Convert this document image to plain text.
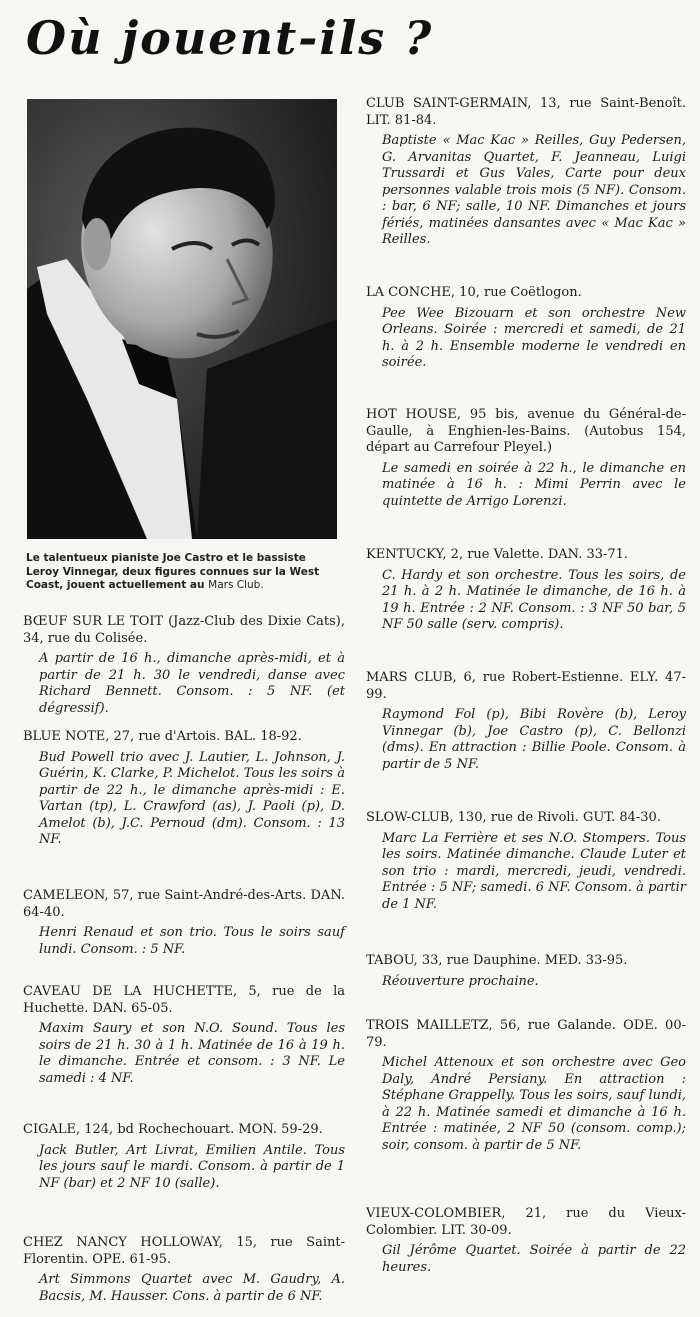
Où jouent-ils ?

Le talentueux pianiste Joe Castro et le bassiste Leroy Vinnegar, deux figures connues sur la West Coast, jouent actuellement au Mars Club.

BŒUF SUR LE TOIT (Jazz-Club des Dixie Cats), 34, rue du Colisée.

A partir de 16 h., dimanche après-midi, et à partir de 21 h. 30 le vendredi, danse avec Richard Bennett. Consom. : 5 NF. (et dégressif).

BLUE NOTE, 27, rue d'Artois. BAL. 18-92.

Bud Powell trio avec J. Lautier, L. Johnson, J. Guérin, K. Clarke, P. Michelot. Tous les soirs à partir de 22 h., le dimanche après-midi : E. Vartan (tp), L. Crawford (as), J. Paoli (p), D. Amelot (b), J.C. Pernoud (dm). Consom. : 13 NF.

CAMELEON, 57, rue Saint-André-des-Arts. DAN. 64-40.

Henri Renaud et son trio. Tous le soirs sauf lundi. Consom. : 5 NF.

CAVEAU DE LA HUCHETTE, 5, rue de la Huchette. DAN. 65-05.

Maxim Saury et son N.O. Sound. Tous les soirs de 21 h. 30 à 1 h. Matinée de 16 à 19 h. le dimanche. Entrée et consom. : 3 NF. Le samedi : 4 NF.

CIGALE, 124, bd Rochechouart. MON. 59-29.

Jack Butler, Art Livrat, Emilien Antile. Tous les jours sauf le mardi. Consom. à partir de 1 NF (bar) et 2 NF 10 (salle).

CHEZ NANCY HOLLOWAY, 15, rue Saint-Florentin. OPE. 61-95.

Art Simmons Quartet avec M. Gaudry, A. Bacsis, M. Hausser. Cons. à partir de 6 NF.

CLUB SAINT-GERMAIN, 13, rue Saint-Benoît. LIT. 81-84.

Baptiste « Mac Kac » Reilles, Guy Pedersen, G. Arvanitas Quartet, F. Jeanneau, Luigi Trussardi et Gus Vales, Carte pour deux personnes valable trois mois (5 NF). Consom. : bar, 6 NF; salle, 10 NF. Dimanches et jours fériés, matinées dansantes avec « Mac Kac » Reilles.

LA CONCHE, 10, rue Coëtlogon.

Pee Wee Bizouarn et son orchestre New Orleans. Soirée : mercredi et samedi, de 21 h. à 2 h. Ensemble moderne le vendredi en soirée.

HOT HOUSE, 95 bis, avenue du Général-de-Gaulle, à Enghien-les-Bains. (Autobus 154, départ au Carrefour Pleyel.)

Le samedi en soirée à 22 h., le dimanche en matinée à 16 h. : Mimi Perrin avec le quintette de Arrigo Lorenzi.

KENTUCKY, 2, rue Valette. DAN. 33-71.

C. Hardy et son orchestre. Tous les soirs, de 21 h. à 2 h. Matinée le dimanche, de 16 h. à 19 h. Entrée : 2 NF. Consom. : 3 NF 50 bar, 5 NF 50 salle (serv. compris).

MARS CLUB, 6, rue Robert-Estienne. ELY. 47-99.

Raymond Fol (p), Bibi Rovère (b), Leroy Vinnegar (b), Joe Castro (p), C. Bellonzi (dms). En attraction : Billie Poole. Consom. à partir de 5 NF.

SLOW-CLUB, 130, rue de Rivoli. GUT. 84-30.

Marc La Ferrière et ses N.O. Stompers. Tous les soirs. Matinée dimanche. Claude Luter et son trio : mardi, mercredi, jeudi, vendredi. Entrée : 5 NF; samedi. 6 NF. Consom. à partir de 1 NF.

TABOU, 33, rue Dauphine. MED. 33-95.

Réouverture prochaine.

TROIS MAILLETZ, 56, rue Galande. ODE. 00-79.

Michel Attenoux et son orchestre avec Geo Daly, André Persiany. En attraction : Stéphane Grappelly. Tous les soirs, sauf lundi, à 22 h. Matinée samedi et dimanche à 16 h. Entrée : matinée, 2 NF 50 (consom. comp.); soir, consom. à partir de 5 NF.

VIEUX-COLOMBIER, 21, rue du Vieux-Colombier. LIT. 30-09.

Gil Jérôme Quartet. Soirée à partir de 22 heures.
